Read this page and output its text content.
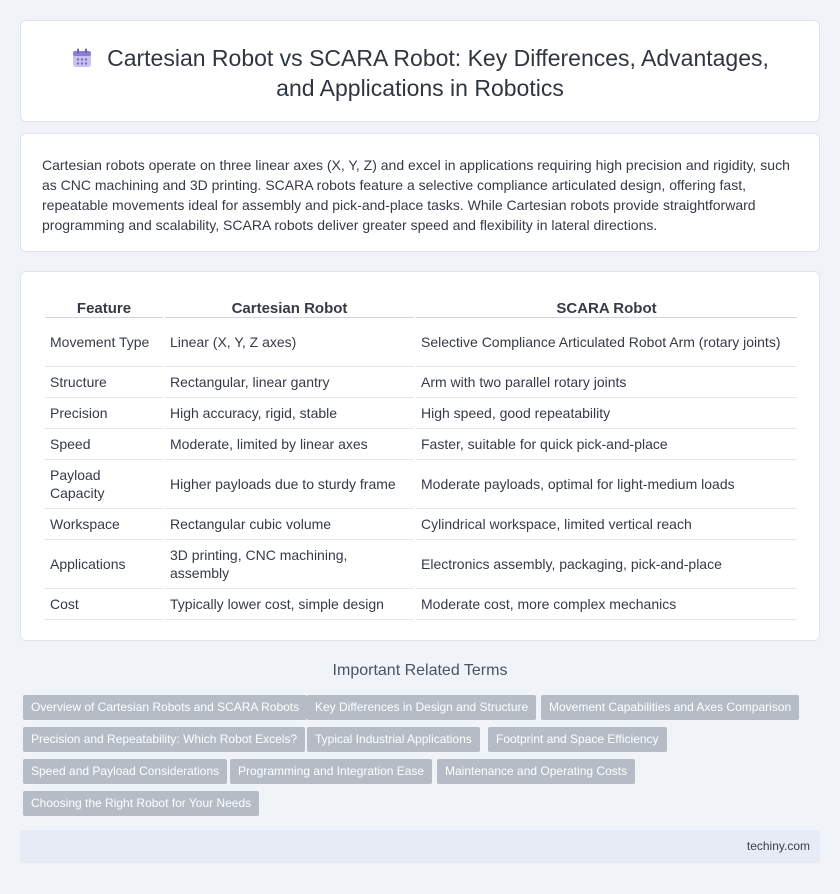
Cartesian Robot vs SCARA Robot: Key Differences, Advantages, and Applications in Robotics

Cartesian robots operate on three linear axes (X, Y, Z) and excel in applications requiring high precision and rigidity, such as CNC machining and 3D printing. SCARA robots feature a selective compliance articulated design, offering fast, repeatable movements ideal for assembly and pick-and-place tasks. While Cartesian robots provide straightforward programming and scalability, SCARA robots deliver greater speed and flexibility in lateral directions.

Feature	Cartesian Robot	SCARA Robot
Movement Type	Linear (X, Y, Z axes)	Selective Compliance Articulated Robot Arm (rotary joints)
Structure	Rectangular, linear gantry	Arm with two parallel rotary joints
Precision	High accuracy, rigid, stable	High speed, good repeatability
Speed	Moderate, limited by linear axes	Faster, suitable for quick pick-and-place
Payload Capacity	Higher payloads due to sturdy frame	Moderate payloads, optimal for light-medium loads
Workspace	Rectangular cubic volume	Cylindrical workspace, limited vertical reach
Applications	3D printing, CNC machining, assembly	Electronics assembly, packaging, pick-and-place
Cost	Typically lower cost, simple design	Moderate cost, more complex mechanics
Important Related Terms
Overview of Cartesian Robots and SCARA Robots	Key Differences in Design and Structure	Movement Capabilities and Axes Comparison
Precision and Repeatability: Which Robot Excels?	Typical Industrial Applications	Footprint and Space Efficiency
Speed and Payload Considerations	Programming and Integration Ease	Maintenance and Operating Costs
Choosing the Right Robot for Your Needs
techiny.com
